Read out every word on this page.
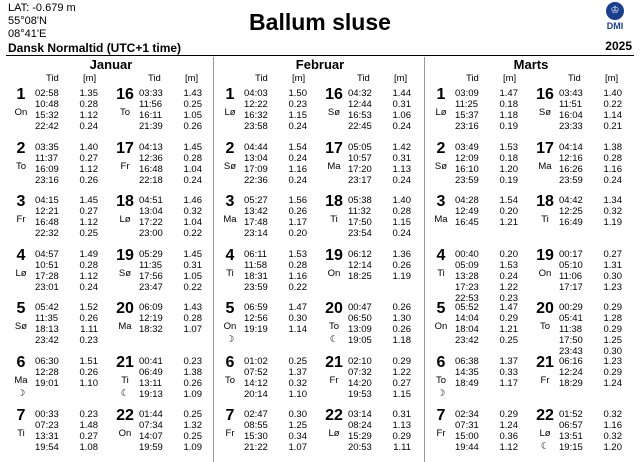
LAT: -0.679 m
55°08'N
08°41'E
Dansk Normaltid (UTC+1 time)
Ballum sluse	♔
DMI
2025
Januar
Tid	[m]	Tid	[m]
1
On
02:58 1.35
10:48 0.28
15:32 1.12
22:42 0.24
2
To
03:35 1.40
11:37 0.27
16:09 1.12
23:16 0.26
3
Fr
04:15 1.45
12:21 0.27
16:48 1.12
22:32 0.25
4
Lø
04:57 1.49
10:51 0.28
17:28 1.12
23:01 0.24
5
Sø
05:42 1.52
11:35 0.26
18:13 1.11
23:42 0.23
6
Ma
☽
06:30 1.51
12:28 0.26
19:01 1.10
7
Ti
00:33 0.23
07:23 1.48
13:31 0.27
19:54 1.08
16
To
03:33 1.43
11:56 0.25
16:11 1.05
21:39 0.26
17
Fr
04:13 1.45
12:36 0.28
16:48 1.04
22:18 0.24
18
Lø
04:51 1.46
13:04 0.32
17:22 1.04
23:00 0.22
19
Sø
05:29 1.45
11:35 0.31
17:56 1.05
23:47 0.22
20
Ma
06:09 1.43
12:19 0.28
18:32 1.07
21
Ti
☾
00:41 0.23
06:49 1.38
13:11 0.26
19:13 1.09
22
On
01:44 0.25
07:34 1.32
14:07 0.25
19:59 1.09
Februar
Tid	[m]	Tid	[m]
1
Lø
04:03 1.50
12:22 0.23
16:32 1.15
23:58 0.24
2
Sø
04:44 1.54
13:04 0.24
17:09 1.16
22:36 0.24
3
Ma
05:27 1.56
13:42 0.26
17:48 1.17
23:14 0.20
4
Ti
06:11 1.53
11:58 0.28
18:31 1.16
23:59 0.22
5
On
☽
06:59 1.47
12:56 0.30
19:19 1.14
6
To
01:02 0.25
07:52 1.37
14:12 0.32
20:14 1.10
7
Fr
02:47 0.30
08:55 1.25
15:30 0.34
21:22 1.07
16
Sø
04:32 1.44
12:44 0.31
16:53 1.06
22:45 0.24
17
Ma
05:05 1.42
10:57 0.31
17:20 1.13
23:17 0.24
18
Ti
05:38 1.40
11:32 0.28
17:50 1.15
23:54 0.24
19
On
06:12 1.36
12:14 0.26
18:25 1.19
20
To
☾
00:47 0.26
06:50 1.30
13:09 0.26
19:05 1.18
21
Fr
02:10 0.29
07:32 1.22
14:20 0.27
19:53 1.15
22
Lø
03:14 0.31
08:24 1.13
15:29 0.29
20:53 1.11
Marts
Tid	[m]	Tid	[m]
1
Lø
03:09 1.47
11:25 0.18
15:37 1.18
23:16 0.19
2
Sø
03:49 1.53
12:09 0.18
16:10 1.20
23:59 0.19
3
Ma
04:28 1.54
12:49 0.20
16:45 1.21
4
Ti
00:40 0.20
05:09 1.53
13:28 0.24
17:23 1.22
22:53 0.23
5
On
05:52 1.47
14:04 0.29
18:04 1.21
23:42 0.25
6
To
☽
06:38 1.37
14:35 0.33
18:49 1.17
7
Fr
02:34 0.29
07:31 1.24
15:00 0.36
19:44 1.12
16
Sø
03:43 1.40
11:51 0.22
16:04 1.14
23:33 0.21
17
Ma
04:14 1.38
12:16 0.28
16:26 1.16
23:59 0.24
18
Ti
04:42 1.34
12:25 0.32
16:49 1.19
19
On
00:17 0.27
05:10 1.31
11:06 0.30
17:17 1.23
20
To
00:29 0.29
05:41 1.28
11:38 0.29
17:50 1.25
23:43 0.30
21
Fr
06:16 1.23
12:24 0.29
18:29 1.24
22
Lø
☾
01:52 0.32
06:57 1.16
13:51 0.32
19:15 1.20
